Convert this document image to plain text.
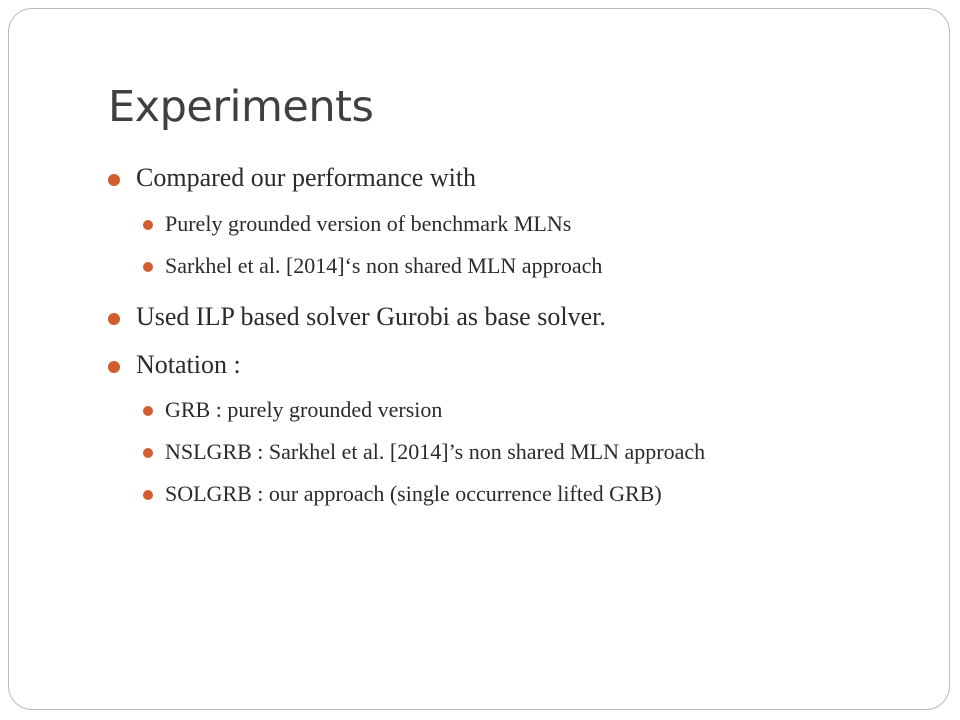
Experiments
Compared our performance with
Purely grounded version of benchmark MLNs
Sarkhel et al. [2014]‘s non shared MLN approach
Used ILP based solver Gurobi as base solver.
Notation :
GRB : purely grounded version
NSLGRB : Sarkhel et al. [2014]’s non shared MLN approach
SOLGRB : our approach (single occurrence lifted GRB)
